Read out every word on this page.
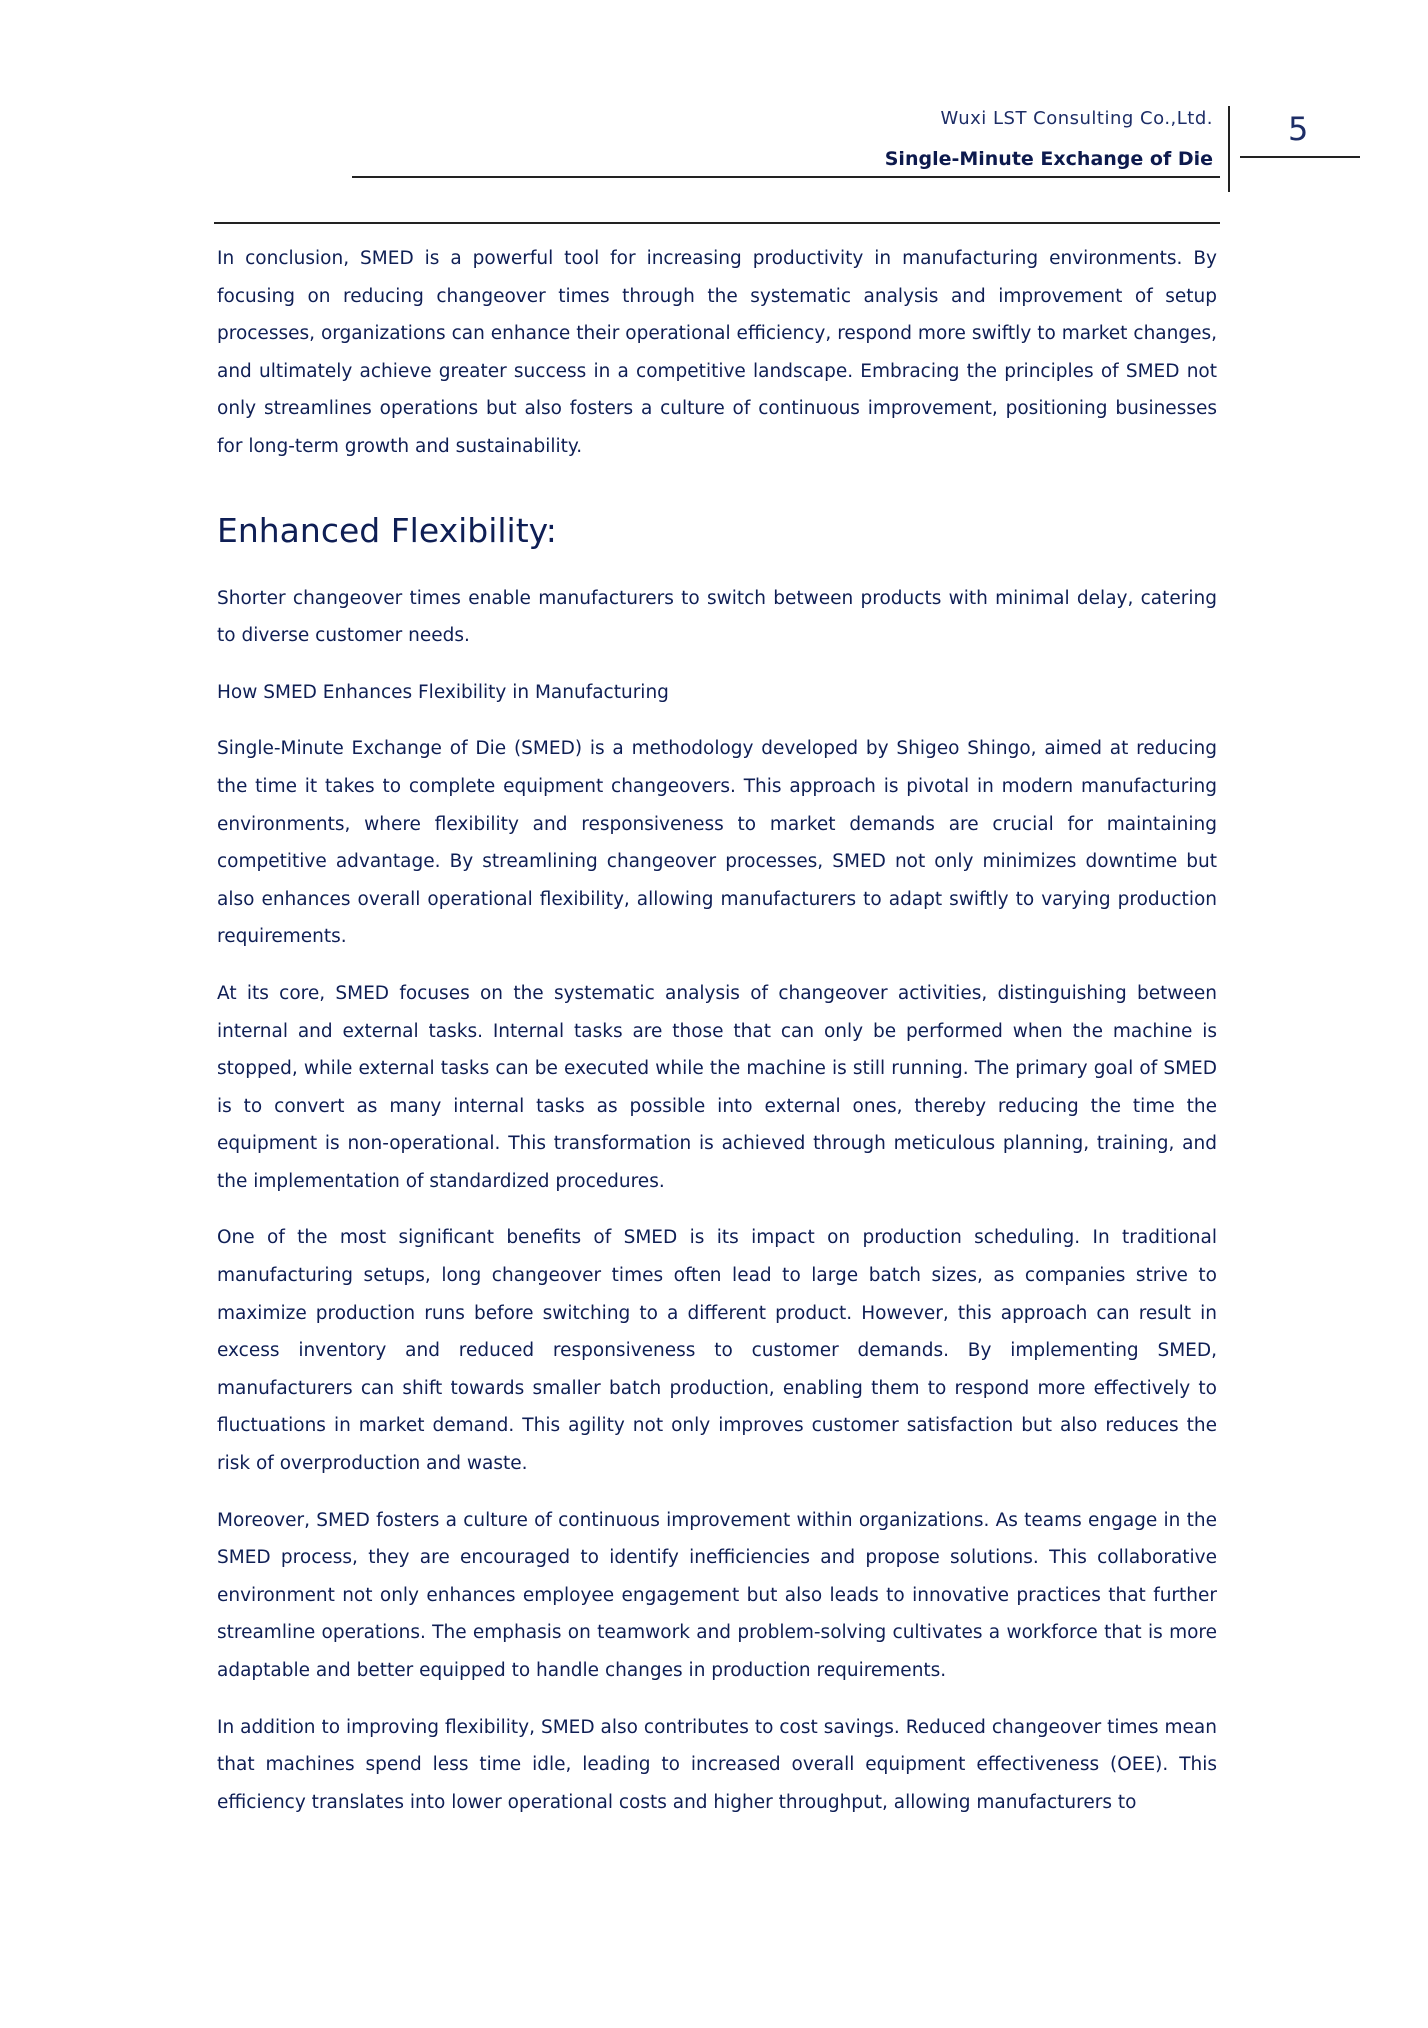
Wuxi LST Consulting Co.,Ltd.
Single-Minute Exchange of Die
5

In conclusion, SMED is a powerful tool for increasing productivity in manufacturing environments. By focusing on reducing changeover times through the systematic analysis and improvement of setup processes, organizations can enhance their operational efficiency, respond more swiftly to market changes, and ultimately achieve greater success in a competitive landscape. Embracing the principles of SMED not only streamlines operations but also fosters a culture of continuous improvement, positioning businesses for long-term growth and sustainability.

Enhanced Flexibility:

Shorter changeover times enable manufacturers to switch between products with minimal delay, catering to diverse customer needs.

How SMED Enhances Flexibility in Manufacturing

Single-Minute Exchange of Die (SMED) is a methodology developed by Shigeo Shingo, aimed at reducing the time it takes to complete equipment changeovers. This approach is pivotal in modern manufacturing environments, where flexibility and responsiveness to market demands are crucial for maintaining competitive advantage. By streamlining changeover processes, SMED not only minimizes downtime but also enhances overall operational flexibility, allowing manufacturers to adapt swiftly to varying production requirements.

At its core, SMED focuses on the systematic analysis of changeover activities, distinguishing between internal and external tasks. Internal tasks are those that can only be performed when the machine is stopped, while external tasks can be executed while the machine is still running. The primary goal of SMED is to convert as many internal tasks as possible into external ones, thereby reducing the time the equipment is non-operational. This transformation is achieved through meticulous planning, training, and the implementation of standardized procedures.

One of the most significant benefits of SMED is its impact on production scheduling. In traditional manufacturing setups, long changeover times often lead to large batch sizes, as companies strive to maximize production runs before switching to a different product. However, this approach can result in excess inventory and reduced responsiveness to customer demands. By implementing SMED, manufacturers can shift towards smaller batch production, enabling them to respond more effectively to fluctuations in market demand. This agility not only improves customer satisfaction but also reduces the risk of overproduction and waste.

Moreover, SMED fosters a culture of continuous improvement within organizations. As teams engage in the SMED process, they are encouraged to identify inefficiencies and propose solutions. This collaborative environment not only enhances employee engagement but also leads to innovative practices that further streamline operations. The emphasis on teamwork and problem-solving cultivates a workforce that is more adaptable and better equipped to handle changes in production requirements.

In addition to improving flexibility, SMED also contributes to cost savings. Reduced changeover times mean that machines spend less time idle, leading to increased overall equipment effectiveness (OEE). This efficiency translates into lower operational costs and higher throughput, allowing manufacturers to
